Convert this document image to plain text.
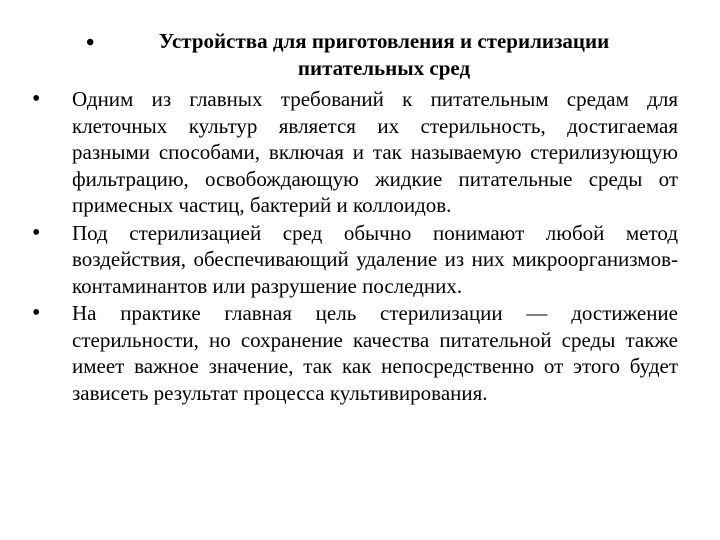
•	Устройства для приготовления и стерилизации питательных сред
•	Одним из главных требований к питательным средам для клеточных культур является их стерильность, достигаемая разными способами, включая и так называемую стерилизующую фильтрацию, освобождающую жидкие питательные среды от примесных частиц, бактерий и коллоидов.
•	Под стерилизацией сред обычно понимают любой метод воздействия, обеспечивающий удаление из них микроорганизмов-контаминантов или разрушение последних.
•	На практике главная цель стерилизации — достижение стерильности, но сохранение качества питательной среды также имеет важное значение, так как непосредственно от этого будет зависеть результат процесса культивирования.
